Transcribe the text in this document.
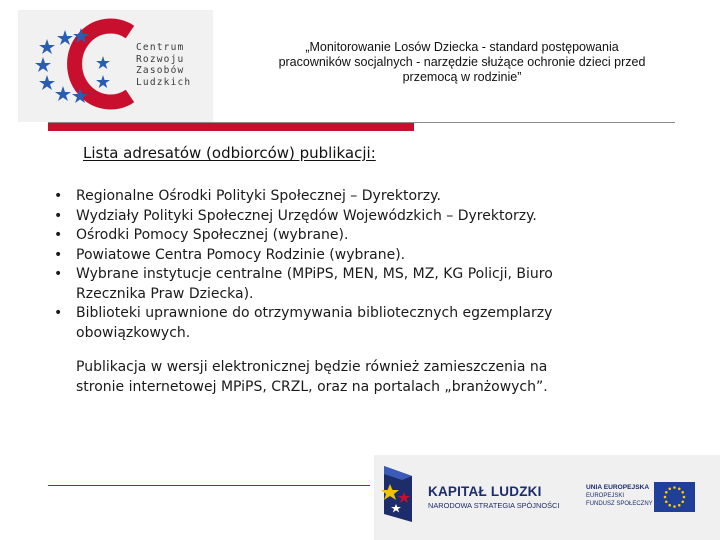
Centrum
Rozwoju
Zasobów
Ludzkich
„Monitorowanie Losów Dziecka - standard postępowania
pracowników socjalnych - narzędzie służące ochronie dzieci przed
przemocą w rodzinie”
Lista adresatów (odbiorców) publikacji:
• Regionalne Ośrodki Polityki Społecznej – Dyrektorzy.
• Wydziały Polityki Społecznej Urzędów Wojewódzkich – Dyrektorzy.
• Ośrodki Pomocy Społecznej (wybrane).
• Powiatowe Centra Pomocy Rodzinie (wybrane).
• Wybrane instytucje centralne (MPiPS, MEN, MS, MZ, KG Policji, Biuro
Rzecznika Praw Dziecka).
• Biblioteki uprawnione do otrzymywania bibliotecznych egzemplarzy
obowiązkowych.
Publikacja w wersji elektronicznej będzie również zamieszczenia na
stronie internetowej MPiPS, CRZL, oraz na portalach „branżowych”.
KAPITAŁ LUDZKI
NARODOWA STRATEGIA SPÓJNOŚCI
UNIA EUROPEJSKA
EUROPEJSKI
FUNDUSZ SPOŁECZNY
